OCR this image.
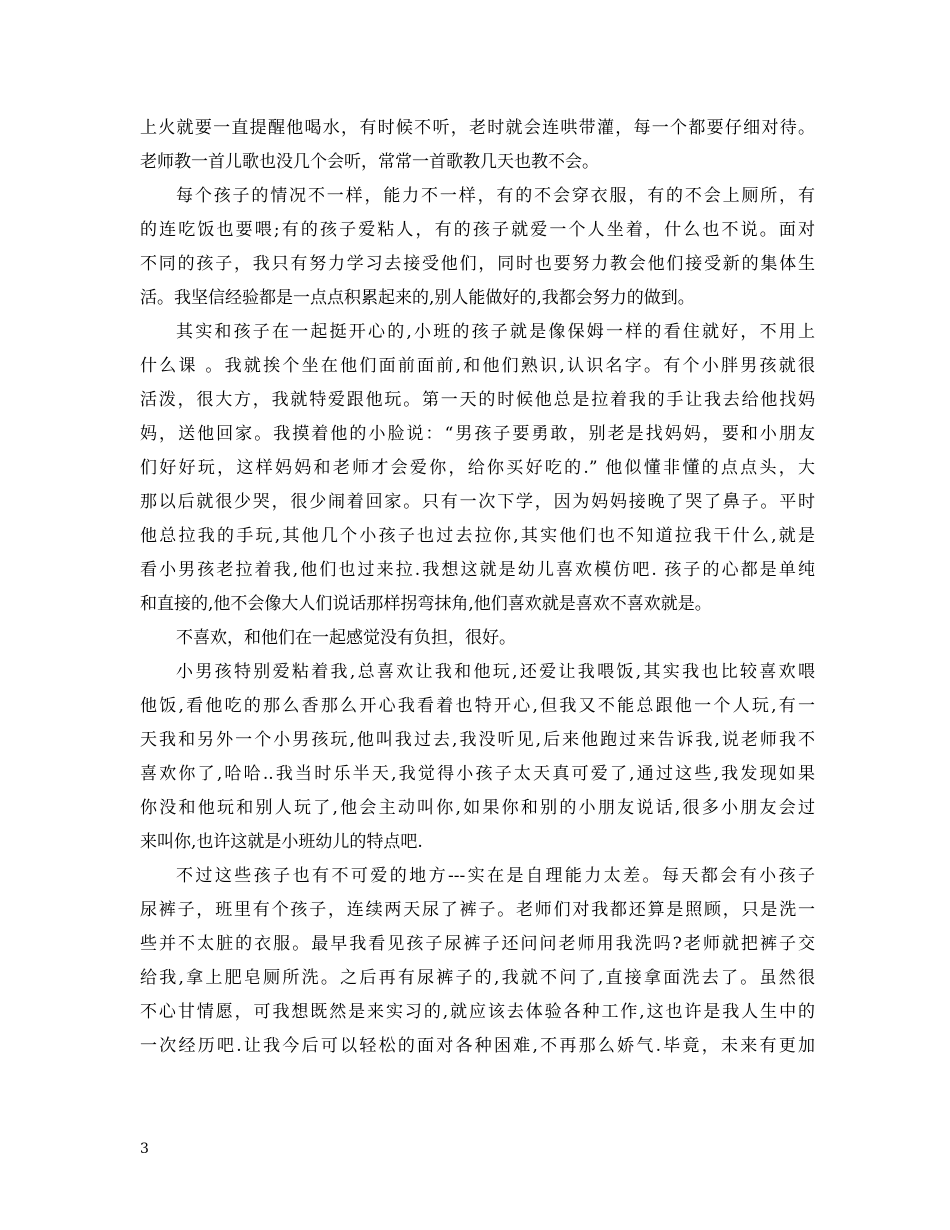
上火就要一直提醒他喝水，有时候不听，老时就会连哄带灌，每一个都要仔细对待。
老师教一首儿歌也没几个会听，常常一首歌教几天也教不会。
每个孩子的情况不一样，能力不一样，有的不会穿衣服，有的不会上厕所，有
的连吃饭也要喂;有的孩子爱粘人，有的孩子就爱一个人坐着，什么也不说。面对
不同的孩子，我只有努力学习去接受他们，同时也要努力教会他们接受新的集体生
活。我坚信经验都是一点点积累起来的,别人能做好的,我都会努力的做到。
其实和孩子在一起挺开心的,小班的孩子就是像保姆一样的看住就好，不用上
什么课 。我就挨个坐在他们面前面前,和他们熟识,认识名字。有个小胖男孩就很
活泼，很大方，我就特爱跟他玩。第一天的时候他总是拉着我的手让我去给他找妈
妈，送他回家。我摸着他的小脸说：“男孩子要勇敢，别老是找妈妈，要和小朋友
们好好玩，这样妈妈和老师才会爱你，给你买好吃的.” 他似懂非懂的点点头，大
那以后就很少哭，很少闹着回家。只有一次下学，因为妈妈接晚了哭了鼻子。平时
他总拉我的手玩,其他几个小孩子也过去拉你,其实他们也不知道拉我干什么,就是
看小男孩老拉着我,他们也过来拉.我想这就是幼儿喜欢模仿吧. 孩子的心都是单纯
和直接的,他不会像大人们说话那样拐弯抹角,他们喜欢就是喜欢不喜欢就是。
不喜欢，和他们在一起感觉没有负担，很好。
小男孩特别爱粘着我,总喜欢让我和他玩,还爱让我喂饭,其实我也比较喜欢喂
他饭,看他吃的那么香那么开心我看着也特开心,但我又不能总跟他一个人玩,有一
天我和另外一个小男孩玩,他叫我过去,我没听见,后来他跑过来告诉我,说老师我不
喜欢你了,哈哈..我当时乐半天,我觉得小孩子太天真可爱了,通过这些,我发现如果
你没和他玩和别人玩了,他会主动叫你,如果你和别的小朋友说话,很多小朋友会过
来叫你,也许这就是小班幼儿的特点吧.
不过这些孩子也有不可爱的地方---实在是自理能力太差。每天都会有小孩子
尿裤子，班里有个孩子，连续两天尿了裤子。老师们对我都还算是照顾，只是洗一
些并不太脏的衣服。最早我看见孩子尿裤子还问问老师用我洗吗?老师就把裤子交
给我,拿上肥皂厕所洗。之后再有尿裤子的,我就不问了,直接拿面洗去了。虽然很
不心甘情愿，可我想既然是来实习的,就应该去体验各种工作,这也许是我人生中的
一次经历吧.让我今后可以轻松的面对各种困难,不再那么娇气.毕竟，未来有更加
3
